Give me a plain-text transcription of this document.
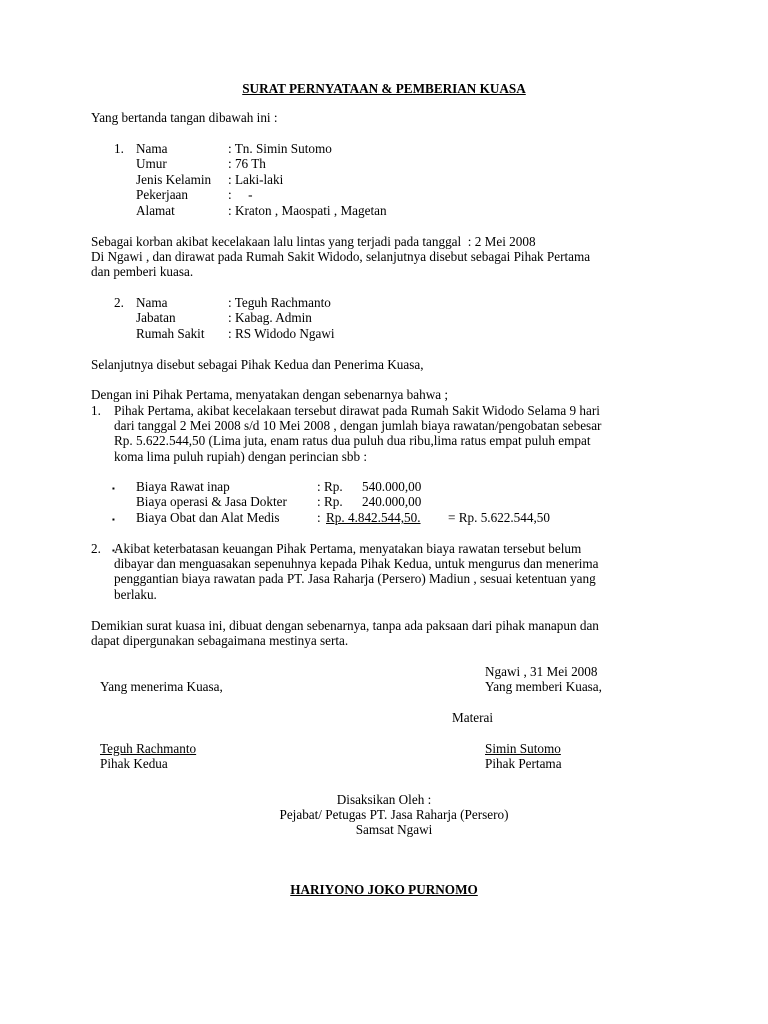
SURAT PERNYATAAN & PEMBERIAN KUASA
Yang bertanda tangan dibawah ini :
1. Nama	: Tn. Simin Sutomo
Umur	: 76 Th
Jenis Kelamin : Laki-laki
Pekerjaan	:     -
Alamat	: Kraton , Maospati , Magetan
Sebagai korban akibat kecelakaan lalu lintas yang terjadi pada tanggal  : 2 Mei 2008
Di Ngawi , dan dirawat pada Rumah Sakit Widodo, selanjutnya disebut sebagai Pihak Pertama
dan pemberi kuasa.
2. Nama	: Teguh Rachmanto
Jabatan	: Kabag. Admin
Rumah Sakit : RS Widodo Ngawi
Selanjutnya disebut sebagai Pihak Kedua dan Penerima Kuasa,
Dengan ini Pihak Pertama, menyatakan dengan sebenarnya bahwa ;
1. Pihak Pertama, akibat kecelakaan tersebut dirawat pada Rumah Sakit Widodo Selama 9 hari
dari tanggal 2 Mei 2008 s/d 10 Mei 2008 , dengan jumlah biaya rawatan/pengobatan sebesar
Rp. 5.622.544,50 (Lima juta, enam ratus dua puluh dua ribu,lima ratus empat puluh empat
koma lima puluh rupiah) dengan perincian sbb :
▪	Biaya Rawat inap	: Rp. 540.000,00
▪
Biaya operasi & Jasa Dokter : Rp. 240.000,00
▪
Biaya Obat dan Alat Medis	: Rp. 4.842.544,50. = Rp. 5.622.544,50
2. Akibat keterbatasan keuangan Pihak Pertama, menyatakan biaya rawatan tersebut belum
dibayar dan menguasakan sepenuhnya kepada Pihak Kedua, untuk mengurus dan menerima
penggantian biaya rawatan pada PT. Jasa Raharja (Persero) Madiun , sesuai ketentuan yang
berlaku.
Demikian surat kuasa ini, dibuat dengan sebenarnya, tanpa ada paksaan dari pihak manapun dan
dapat dipergunakan sebagaimana mestinya serta.
Ngawi , 31 Mei 2008
Yang menerima Kuasa,	Yang memberi Kuasa,
Materai
Teguh Rachmanto	Simin Sutomo
Pihak Kedua	Pihak Pertama
Disaksikan Oleh :
Pejabat/ Petugas PT. Jasa Raharja (Persero)
Samsat Ngawi
HARIYONO JOKO PURNOMO
